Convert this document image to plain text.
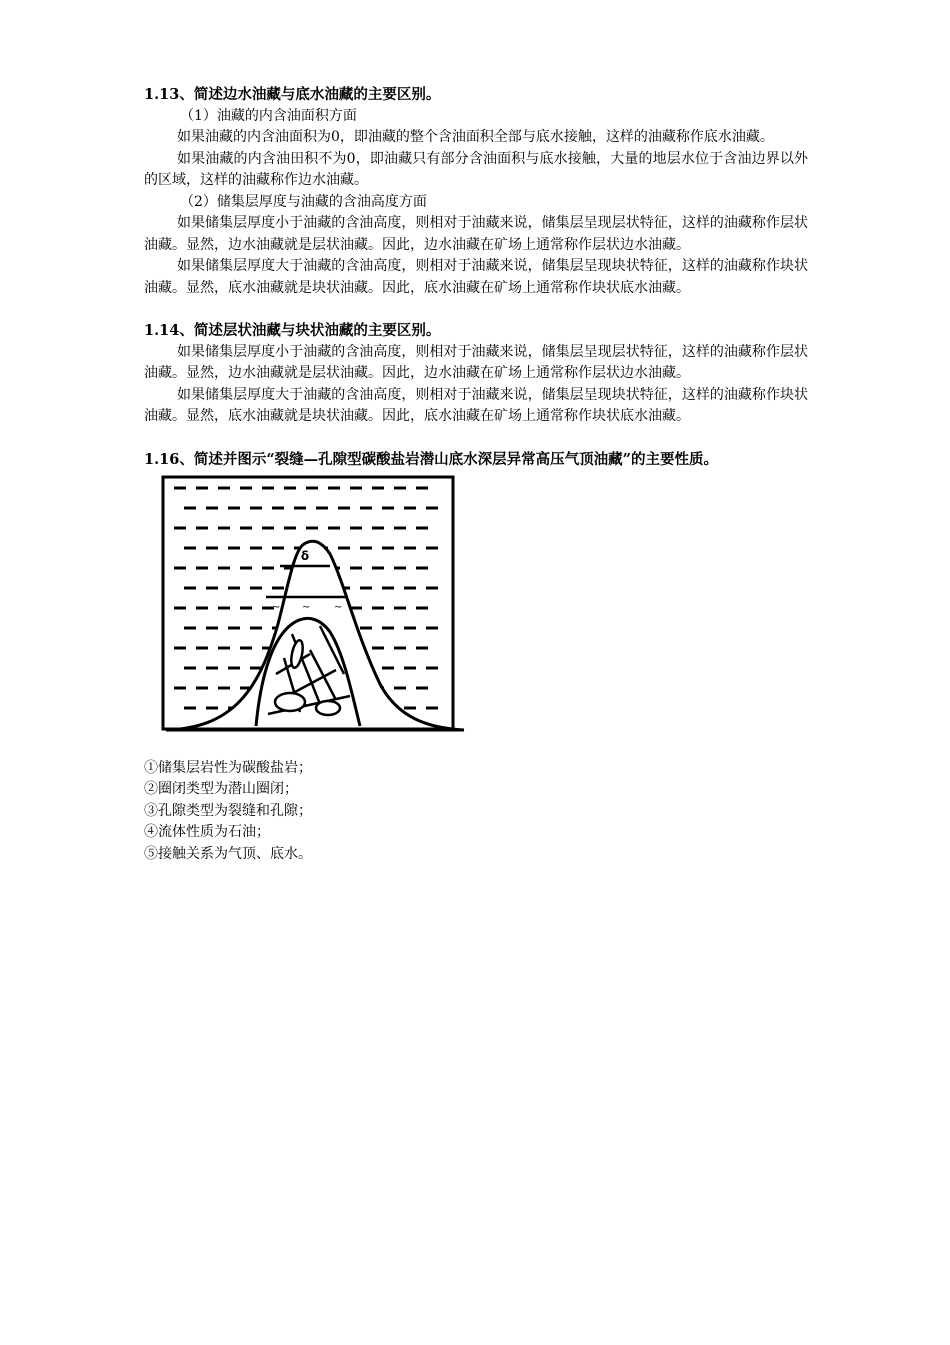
1.13、简述边水油藏与底水油藏的主要区别。

（1）油藏的内含油面积方面

如果油藏的内含油面积为0，即油藏的整个含油面积全部与底水接触，这样的油藏称作底水油藏。

如果油藏的内含油田积不为0，即油藏只有部分含油面积与底水接触，大量的地层水位于含油边界以外的区域，这样的油藏称作边水油藏。

（2）储集层厚度与油藏的含油高度方面

如果储集层厚度小于油藏的含油高度，则相对于油藏来说，储集层呈现层状特征，这样的油藏称作层状油藏。显然，边水油藏就是层状油藏。因此，边水油藏在矿场上通常称作层状边水油藏。

如果储集层厚度大于油藏的含油高度，则相对于油藏来说，储集层呈现块状特征，这样的油藏称作块状油藏。显然，底水油藏就是块状油藏。因此，底水油藏在矿场上通常称作块状底水油藏。

1.14、简述层状油藏与块状油藏的主要区别。

如果储集层厚度小于油藏的含油高度，则相对于油藏来说，储集层呈现层状特征，这样的油藏称作层状油藏。显然，边水油藏就是层状油藏。因此，边水油藏在矿场上通常称作层状边水油藏。

如果储集层厚度大于油藏的含油高度，则相对于油藏来说，储集层呈现块状特征，这样的油藏称作块状油藏。显然，底水油藏就是块状油藏。因此，底水油藏在矿场上通常称作块状底水油藏。

1.16、简述并图示“裂缝—孔隙型碳酸盐岩潜山底水深层异常高压气顶油藏”的主要性质。

δ
~ ~ ~

①储集层岩性为碳酸盐岩；

②圈闭类型为潜山圈闭；

③孔隙类型为裂缝和孔隙；

④流体性质为石油；

⑤接触关系为气顶、底水。
